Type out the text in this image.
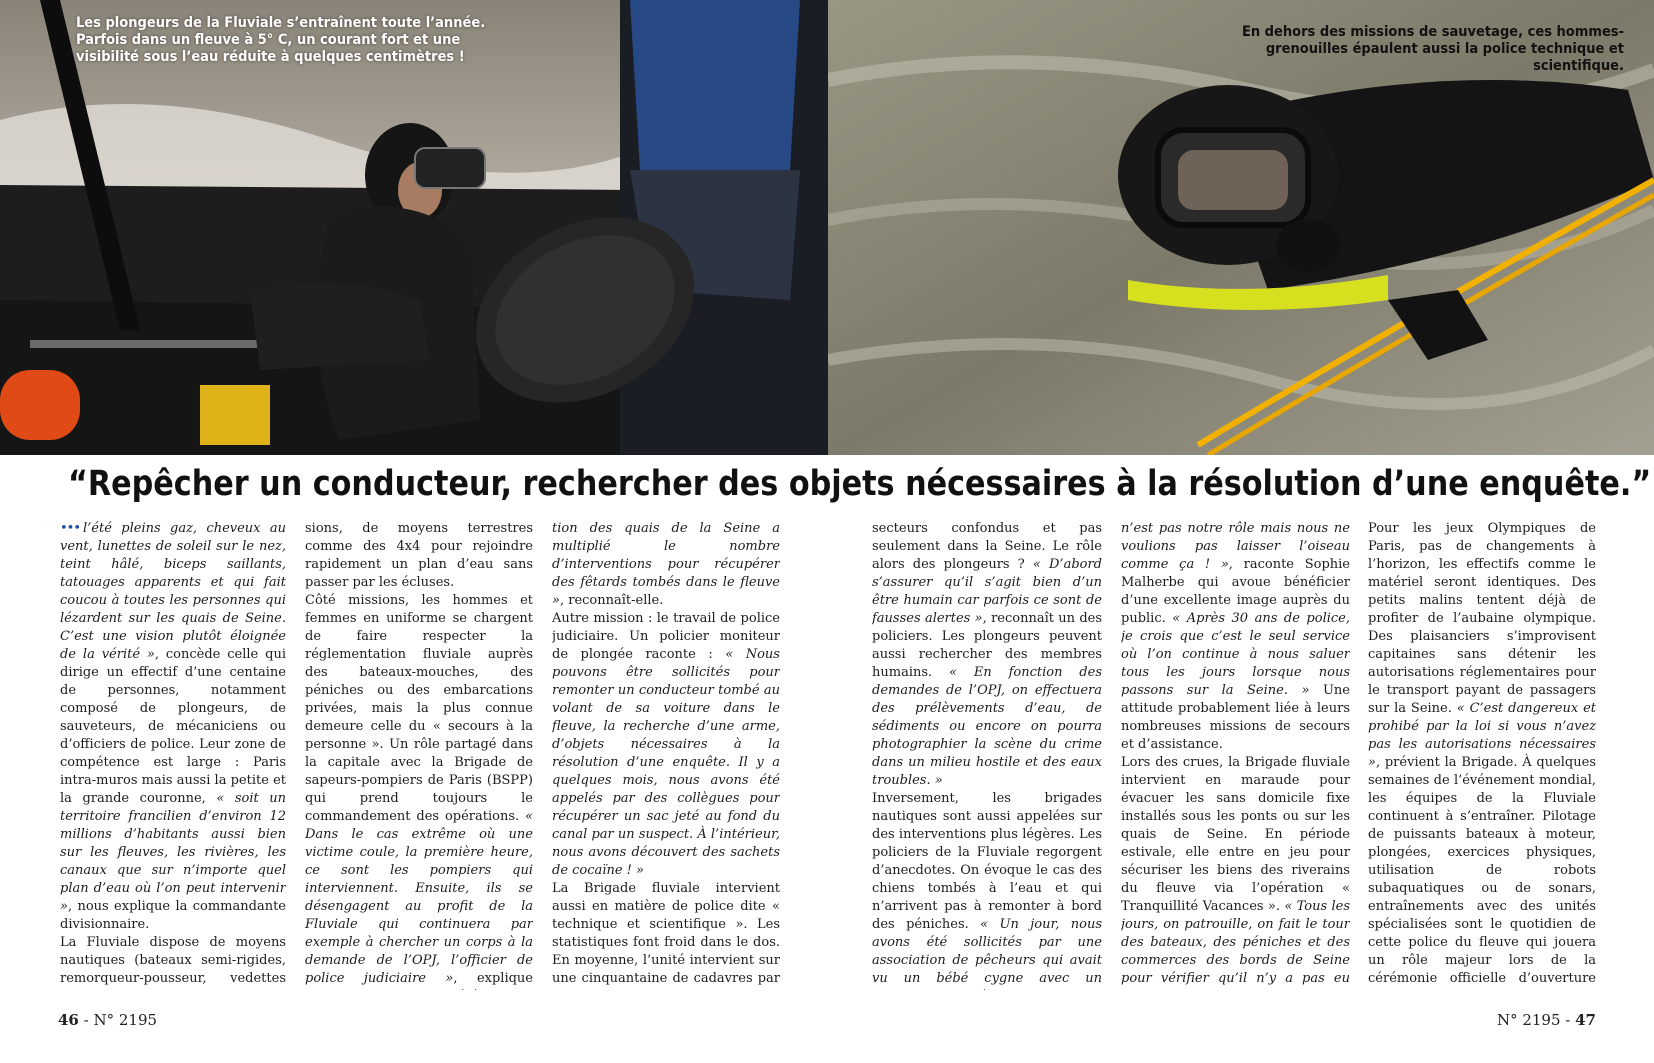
Les plongeurs de la Fluviale s’entraînent toute l’année. Parfois dans un fleuve à 5° C, un courant fort et une visibilité sous l’eau réduite à quelques centimètres !
En dehors des missions de sauvetage, ces hommes-grenouilles épaulent aussi la police technique et scientifique.
“Repêcher un conducteur, rechercher des objets nécessaires à la résolution d’une enquête.”

••• l’été pleins gaz, cheveux au vent, lunettes de soleil sur le nez, teint hâlé, biceps saillants, tatouages apparents et qui fait coucou à toutes les personnes qui lézardent sur les quais de Seine. C’est une vision plutôt éloignée de la vérité », concède celle qui dirige un effectif d’une centaine de personnes, notamment composé de plongeurs, de sauveteurs, de mécaniciens ou d’officiers de police. Leur zone de compétence est large : Paris intra-muros mais aussi la petite et la grande couronne, « soit un territoire francilien d’environ 12 millions d’habitants aussi bien sur les fleuves, les rivières, les canaux que sur n’importe quel plan d’eau où l’on peut intervenir », nous explique la commandante divisionnaire.

La Fluviale dispose de moyens nautiques (bateaux semi-rigides, remorqueur-pousseur, vedettes

sions, de moyens terrestres comme des 4x4 pour rejoindre rapidement un plan d’eau sans passer par les écluses.

Côté missions, les hommes et femmes en uniforme se chargent de faire respecter la réglementation fluviale auprès des bateaux-mouches, des péniches ou des embarcations privées, mais la plus connue demeure celle du « secours à la personne ». Un rôle partagé dans la capitale avec la Brigade de sapeurs-pompiers de Paris (BSPP) qui prend toujours le commandement des opérations. « Dans le cas extrême où une victime coule, la première heure, ce sont les pompiers qui interviennent. Ensuite, ils se désengagent au profit de la Fluviale qui continuera par exemple à chercher un corps à la demande de l’OPJ, l’officier de police judiciaire », explique

tion des quais de la Seine a multiplié le nombre d’interventions pour récupérer des fêtards tombés dans le fleuve », reconnaît-elle.

Autre mission : le travail de police judiciaire. Un policier moniteur de plongée raconte : « Nous pouvons être sollicités pour remonter un conducteur tombé au volant de sa voiture dans le fleuve, la recherche d’une arme, d’objets nécessaires à la résolution d’une enquête. Il y a quelques mois, nous avons été appelés par des collègues pour récupérer un sac jeté au fond du canal par un suspect. À l’intérieur, nous avons découvert des sachets de cocaïne ! »

La Brigade fluviale intervient aussi en matière de police dite « technique et scientifique ». Les statistiques font froid dans le dos. En moyenne, l’unité intervient sur une cinquantaine de cadavres par

secteurs confondus et pas seulement dans la Seine. Le rôle alors des plongeurs ? « D’abord s’assurer qu’il s’agit bien d’un être humain car parfois ce sont de fausses alertes », reconnaît un des policiers. Les plongeurs peuvent aussi rechercher des membres humains. « En fonction des demandes de l’OPJ, on effectuera des prélèvements d’eau, de sédiments ou encore on pourra photographier la scène du crime dans un milieu hostile et des eaux troubles. »

Inversement, les brigades nautiques sont aussi appelées sur des interventions plus légères. Les policiers de la Fluviale regorgent d’anecdotes. On évoque le cas des chiens tombés à l’eau et qui n’arrivent pas à remonter à bord des péniches. « Un jour, nous avons été sollicités par une association de pêcheurs qui avait vu un bébé cygne avec un

n’est pas notre rôle mais nous ne voulions pas laisser l’oiseau comme ça ! », raconte Sophie Malherbe qui avoue bénéficier d’une excellente image auprès du public. « Après 30 ans de police, je crois que c’est le seul service où l’on continue à nous saluer tous les jours lorsque nous passons sur la Seine. » Une attitude probablement liée à leurs nombreuses missions de secours et d’assistance.

Lors des crues, la Brigade fluviale intervient en maraude pour évacuer les sans domicile fixe installés sous les ponts ou sur les quais de Seine. En période estivale, elle entre en jeu pour sécuriser les biens des riverains du fleuve via l’opération « Tranquillité Vacances ». « Tous les jours, on patrouille, on fait le tour des bateaux, des péniches et des commerces des bords de Seine pour vérifier qu’il n’y a pas eu

Pour les jeux Olympiques de Paris, pas de changements à l’horizon, les effectifs comme le matériel seront identiques. Des petits malins tentent déjà de profiter de l’aubaine olympique. Des plaisanciers s’improvisent capitaines sans détenir les autorisations réglementaires pour le transport payant de passagers sur la Seine. « C’est dangereux et prohibé par la loi si vous n’avez pas les autorisations nécessaires », prévient la Brigade. À quelques semaines de l’événement mondial, les équipes de la Fluviale continuent à s’entraîner. Pilotage de puissants bateaux à moteur, plongées, exercices physiques, utilisation de robots subaquatiques ou de sonars, entraînements avec des unités spécialisées sont le quotidien de cette police du fleuve qui jouera un rôle majeur lors de la cérémonie officielle d’ouverture

46 - N° 2195	N° 2195 - 47
